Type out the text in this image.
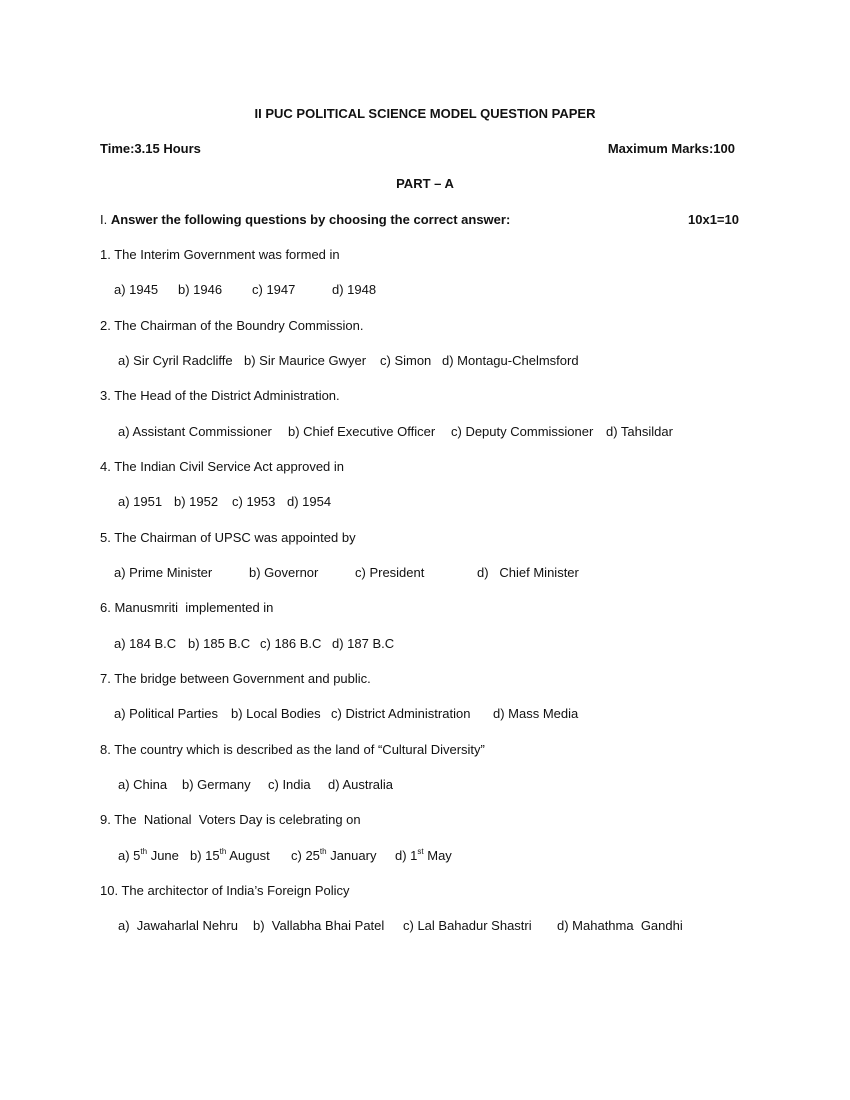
II PUC POLITICAL SCIENCE MODEL QUESTION PAPER
Time:3.15 Hours	Maximum Marks:100
PART – A
I. Answer the following questions by choosing the correct answer:	10x1=10
1. The Interim Government was formed in
a) 1945 b) 1946 c) 1947	d) 1948
2. The Chairman of the Boundry Commission.
a) Sir Cyril Radcliffe b) Sir Maurice Gwyer c) Simon d) Montagu-Chelmsford
3. The Head of the District Administration.
a) Assistant Commissioner b) Chief Executive Officer c) Deputy Commissioner d) Tahsildar
4. The Indian Civil Service Act approved in
a) 1951 b) 1952 c) 1953 d) 1954
5. The Chairman of UPSC was appointed by
a) Prime Minister	b) Governor	c) President	d)   Chief Minister
6. Manusmriti  implemented in
a) 184 B.C b) 185 B.C c) 186 B.C d) 187 B.C
7. The bridge between Government and public.
a) Political Parties b) Local Bodies c) District Administration d) Mass Media
8. The country which is described as the land of “Cultural Diversity”
a) China b) Germany c) India d) Australia
9. The  National  Voters Day is celebrating on
a) 5th June b) 15th August c) 25th January d) 1st May
10. The architector of India’s Foreign Policy
a)  Jawaharlal Nehru b)  Vallabha Bhai Patel c) Lal Bahadur Shastri d) Mahathma  Gandhi
